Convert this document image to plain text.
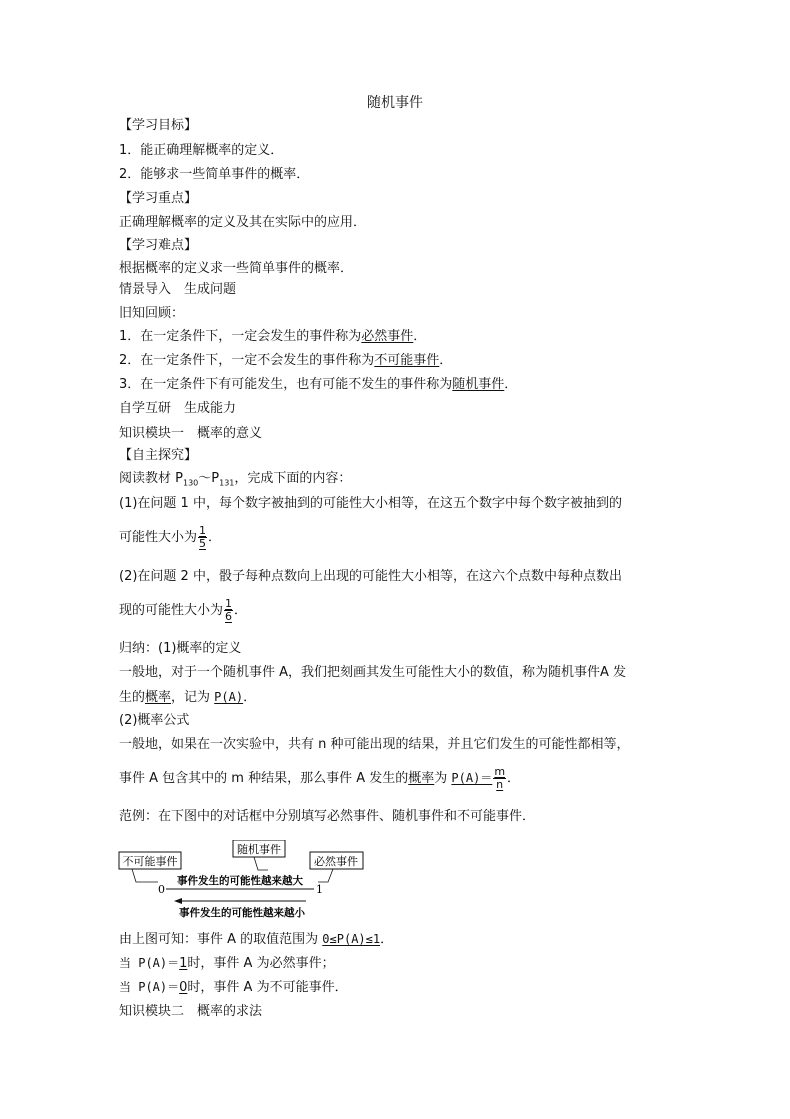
随机事件
【学习目标】
1．能正确理解概率的定义．
2．能够求一些简单事件的概率．
【学习重点】
正确理解概率的定义及其在实际中的应用．
【学习难点】
根据概率的定义求一些简单事件的概率．
情景导入　生成问题
旧知回顾：
1．在一定条件下，一定会发生的事件称为必然事件．
2．在一定条件下，一定不会发生的事件称为不可能事件．
3．在一定条件下有可能发生，也有可能不发生的事件称为随机事件．
自学互研　生成能力
知识模块一　概率的意义
【自主探究】
阅读教材 $P_{130}\sim P_{131}$，完成下面的内容：
(1)在问题 1 中，每个数字被抽到的可能性大小相等，在这五个数字中每个数字被抽到的
可能性大小为 $\frac{1}{5}$ ．
(2)在问题 2 中，骰子每种点数向上出现的可能性大小相等，在这六个点数中每种点数出
现的可能性大小为 $\frac{1}{6}$ ．
归纳：(1)概率的定义
一般地，对于一个随机事件 A，我们把刻画其发生可能性大小的数值，称为随机事件A 发
生的概率，记为 P(A)．
(2)概率公式
一般地，如果在一次实验中，共有 n 种可能出现的结果，并且它们发生的可能性都相等，
事件 A 包含其中的 m 种结果，那么事件 A 发生的概率为 $P(A)= \frac{m}{n}$ ．
范例：在下图中的对话框中分别填写必然事件、随机事件和不可能事件．
不可能事件
随机事件
必然事件
0	1
事件发生的可能性越来越大
事件发生的可能性越来越小
由上图可知：事件 A 的取值范围为 0≤P(A)≤1．
当 P(A)＝1时，事件 A 为必然事件；
当 P(A)＝0时，事件 A 为不可能事件．
知识模块二　概率的求法
